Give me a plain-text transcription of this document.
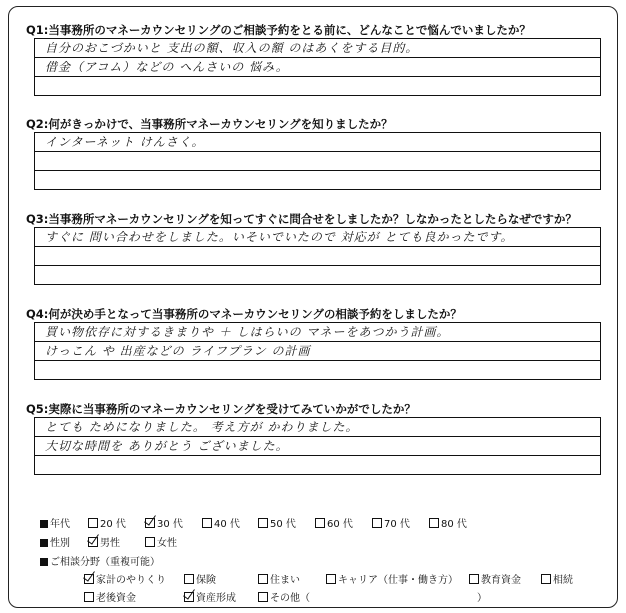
Q1:当事務所のマネーカウンセリングのご相談予約をとる前に、どんなことで悩んでいましたか？
自分のおこづかいと 支出の額、収入の額 のはあくをする目的。
借金（アコム）などの へんさいの 悩み。
Q2:何がきっかけで、当事務所マネーカウンセリングを知りましたか？
インターネット けんさく。
Q3:当事務所マネーカウンセリングを知ってすぐに問合せをしましたか？しなかったとしたらなぜですか？
すぐに 問い合わせをしました。いそいでいたので 対応が とても良かったです。
Q4:何が決め手となって当事務所のマネーカウンセリングの相談予約をしましたか？
買い物依存に対するきまりや ＋ しはらいの マネーをあつかう計画。
けっこん や 出産などの ライフプラン の計画
Q5:実際に当事務所のマネーカウンセリングを受けてみていかがでしたか？
とても ためになりました。 考え方が かわりました。
大切な時間を ありがとう ございました。
年代	20 代	30 代	40 代	50 代	60 代	70 代	80 代
性別	男性	女性
ご相談分野（重複可能）
家計のやりくり	保険	住まい	キャリア（仕事・働き方）	教育資金	相続
老後資金	資産形成	その他（	）
